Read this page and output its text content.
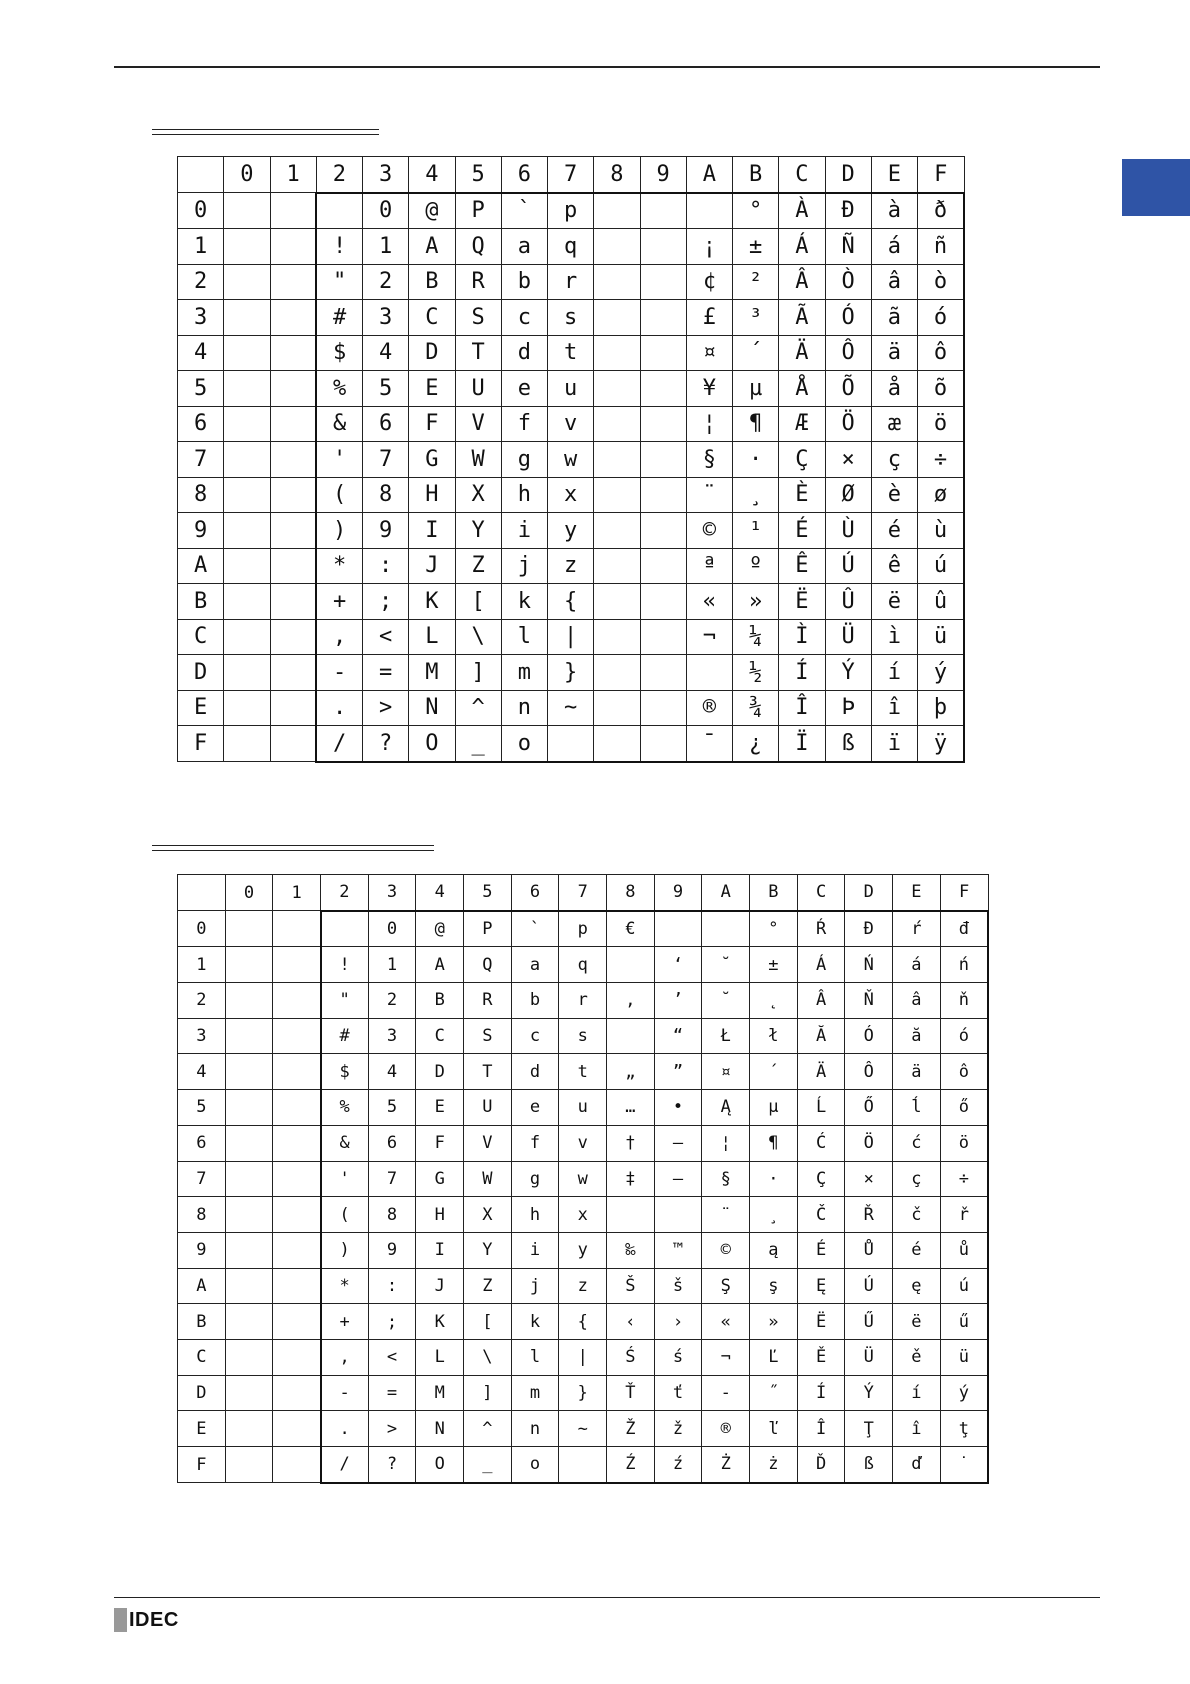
	0	1	2	3	4	5	6	7	8	9	A	B	C	D	E	F
0				0	@	P	`	p				°	À	Ð	à	ð
1			!	1	A	Q	a	q			¡	±	Á	Ñ	á	ñ
2			"	2	B	R	b	r			¢	²	Â	Ò	â	ò
3			#	3	C	S	c	s			£	³	Ã	Ó	ã	ó
4			$	4	D	T	d	t			¤	´	Ä	Ô	ä	ô
5			%	5	E	U	e	u			¥	µ	Å	Õ	å	õ
6			&	6	F	V	f	v			¦	¶	Æ	Ö	æ	ö
7			'	7	G	W	g	w			§	·	Ç	×	ç	÷
8			(	8	H	X	h	x			¨	¸	È	Ø	è	ø
9			)	9	I	Y	i	y			©	¹	É	Ù	é	ù
A			*	:	J	Z	j	z			ª	º	Ê	Ú	ê	ú
B			+	;	K	[	k	{			«	»	Ë	Û	ë	û
C			,	<	L	\	l	|			¬	¼	Ì	Ü	ì	ü
D			-	=	M	]	m	}				½	Í	Ý	í	ý
E			.	>	N	^	n	~			®	¾	Î	Þ	î	þ
F			/	?	O	_	o				¯	¿	Ï	ß	ï	ÿ
	0	1	2	3	4	5	6	7	8	9	A	B	C	D	E	F
0				0	@	P	`	p	€			°	Ŕ	Đ	ŕ	đ
1			!	1	A	Q	a	q		‘	˘	±	Á	Ń	á	ń
2			"	2	B	R	b	r	‚	’	˘	˛	Â	Ň	â	ň
3			#	3	C	S	c	s		“	Ł	ł	Ă	Ó	ă	ó
4			$	4	D	T	d	t	„	”	¤	´	Ä	Ô	ä	ô
5			%	5	E	U	e	u	…	•	Ą	µ	Ĺ	Ő	ĺ	ő
6			&	6	F	V	f	v	†	–	¦	¶	Ć	Ö	ć	ö
7			'	7	G	W	g	w	‡	—	§	·	Ç	×	ç	÷
8			(	8	H	X	h	x			¨	¸	Č	Ř	č	ř
9			)	9	I	Y	i	y	‰	™	©	ą	É	Ů	é	ů
A			*	:	J	Z	j	z	Š	š	Ş	ş	Ę	Ú	ę	ú
B			+	;	K	[	k	{	‹	›	«	»	Ë	Ű	ë	ű
C			,	<	L	\	l	|	Ś	ś	¬	Ľ	Ě	Ü	ě	ü
D			-	=	M	]	m	}	Ť	ť	-	˝	Í	Ý	í	ý
E			.	>	N	^	n	~	Ž	ž	®	ľ	Î	Ţ	î	ţ
F			/	?	O	_	o		Ź	ź	Ż	ż	Ď	ß	ď	˙
IDEC
